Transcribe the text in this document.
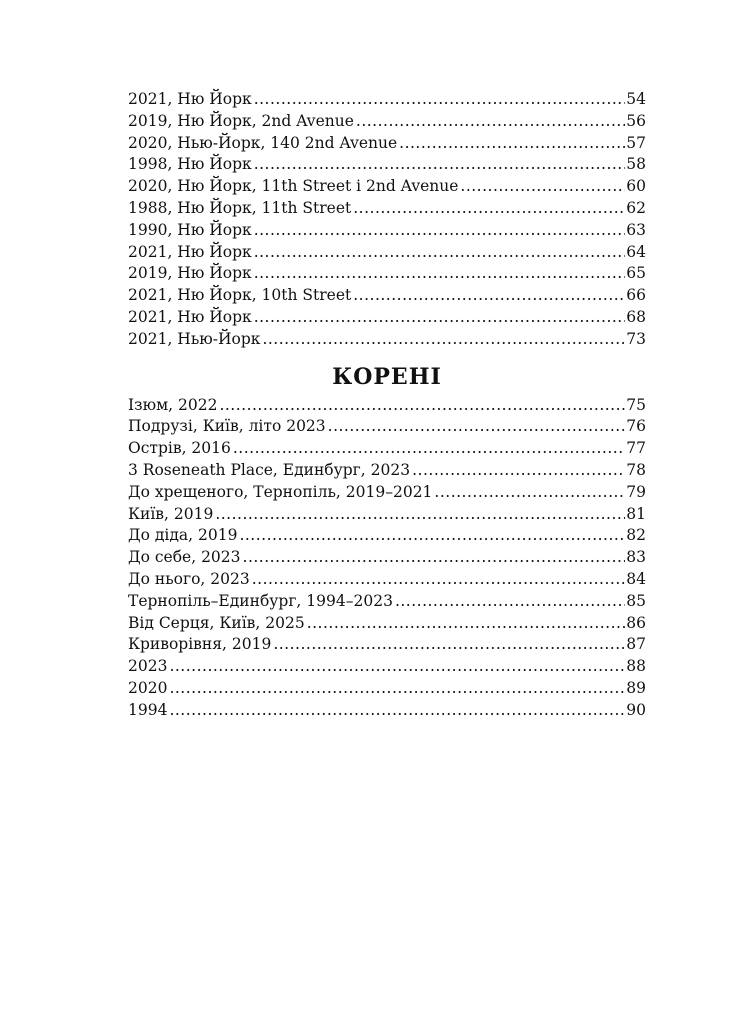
2021, Ню Йорк .....	54
2019, Ню Йорк, 2nd Avenue .....	56
2020, Нью-Йорк, 140 2nd Avenue .....	57
1998, Ню Йорк .....	58
2020, Ню Йорк, 11th Street і 2nd Avenue .....	60
1988, Ню Йорк, 11th Street .....	62
1990, Ню Йорк .....	63
2021, Ню Йорк .....	64
2019, Ню Йорк .....	65
2021, Ню Йорк, 10th Street .....	66
2021, Ню Йорк .....	68
2021, Нью-Йорк .....	73
КОРЕНІ
Ізюм, 2022 .....	75
Подрузі, Київ, літо 2023 .....	76
Острів, 2016 .....	77
3 Roseneath Place, Единбург, 2023 .....	78
До хрещеного, Тернопіль, 2019–2021 .....	79
Київ, 2019 .....	81
До діда, 2019 .....	82
До себе, 2023 .....	83
До нього, 2023 .....	84
Тернопіль–Единбург, 1994–2023 .....	85
Від Серця, Київ, 2025 .....	86
Криворівня, 2019 .....	87
2023 .....	88
2020 .....	89
1994 .....	90
